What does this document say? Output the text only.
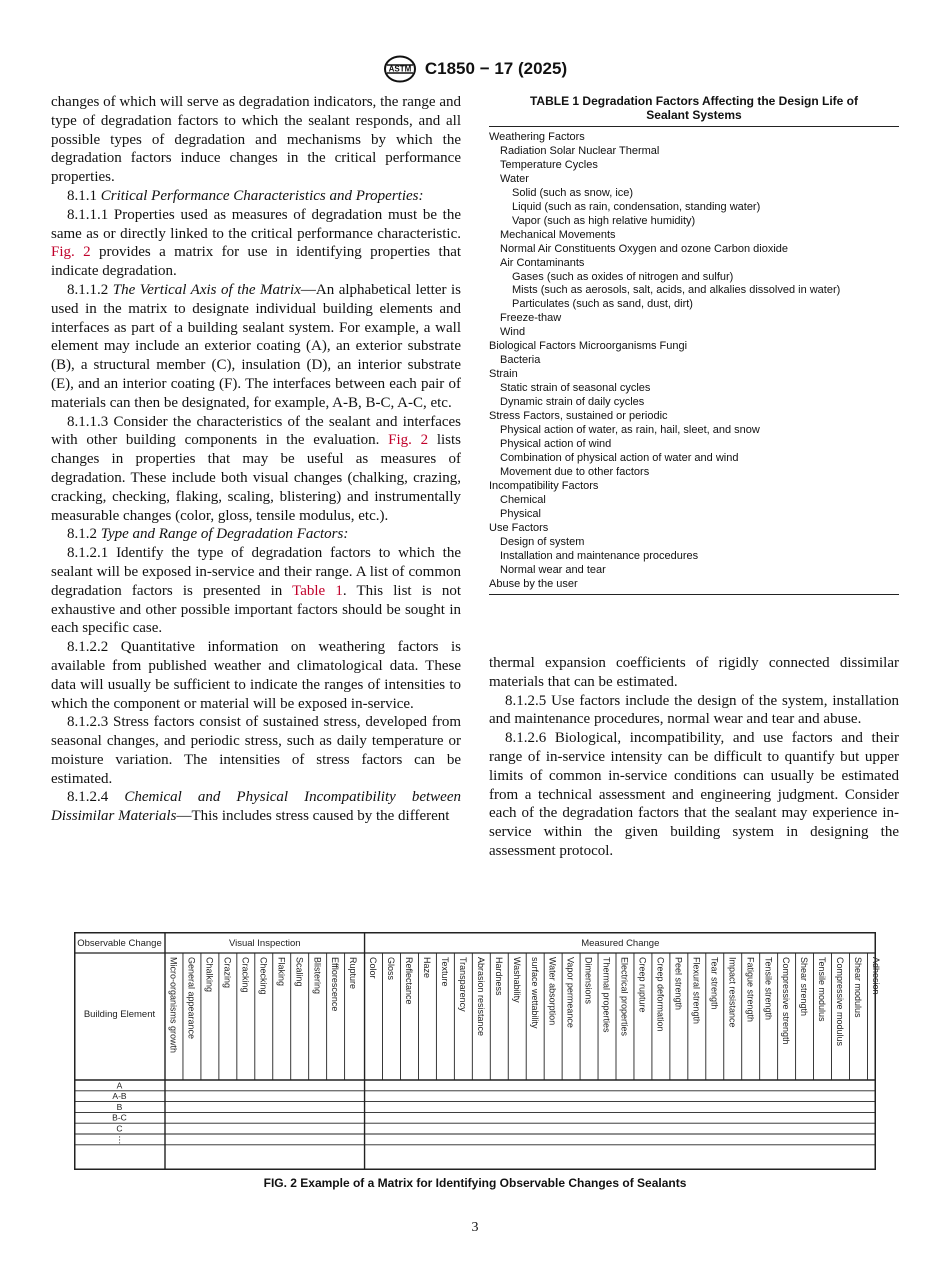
ASTM C1850 − 17 (2025)

changes of which will serve as degradation indicators, the range and type of degradation factors to which the sealant responds, and all possible types of degradation and mechanisms by which the degradation factors induce changes in the critical performance properties.

8.1.1 Critical Performance Characteristics and Properties:

8.1.1.1 Properties used as measures of degradation must be the same as or directly linked to the critical performance characteristic. Fig. 2 provides a matrix for use in identifying properties that indicate degradation.

8.1.1.2 The Vertical Axis of the Matrix—An alphabetical letter is used in the matrix to designate individual building elements and interfaces as part of a building sealant system. For example, a wall element may include an exterior coating (A), an exterior substrate (B), a structural member (C), insulation (D), an interior substrate (E), and an interior coating (F). The interfaces between each pair of materials can then be designated, for example, A-B, B-C, A-C, etc.

8.1.1.3 Consider the characteristics of the sealant and interfaces with other building components in the evaluation. Fig. 2 lists changes in properties that may be useful as measures of degradation. These include both visual changes (chalking, crazing, cracking, checking, flaking, scaling, blistering) and instrumentally measurable changes (color, gloss, tensile modulus, etc.).

8.1.2 Type and Range of Degradation Factors:

8.1.2.1 Identify the type of degradation factors to which the sealant will be exposed in-service and their range. A list of common degradation factors is presented in Table 1. This list is not exhaustive and other possible important factors should be sought in each specific case.

8.1.2.2 Quantitative information on weathering factors is available from published weather and climatological data. These data will usually be sufficient to indicate the ranges of intensities to which the component or material will be exposed in-service.

8.1.2.3 Stress factors consist of sustained stress, developed from seasonal changes, and periodic stress, such as daily temperature or moisture variation. The intensities of stress factors can be estimated.

8.1.2.4 Chemical and Physical Incompatibility between Dissimilar Materials—This includes stress caused by the different

TABLE 1 Degradation Factors Affecting the Design Life of Sealant Systems
Weathering Factors
Radiation Solar Nuclear Thermal
Temperature Cycles
Water
Solid (such as snow, ice)
Liquid (such as rain, condensation, standing water)
Vapor (such as high relative humidity)
Mechanical Movements
Normal Air Constituents Oxygen and ozone Carbon dioxide
Air Contaminants
Gases (such as oxides of nitrogen and sulfur)
Mists (such as aerosols, salt, acids, and alkalies dissolved in water)
Particulates (such as sand, dust, dirt)
Freeze-thaw
Wind
Biological Factors Microorganisms Fungi
Bacteria
Strain
Static strain of seasonal cycles
Dynamic strain of daily cycles
Stress Factors, sustained or periodic
Physical action of water, as rain, hail, sleet, and snow
Physical action of wind
Combination of physical action of water and wind
Movement due to other factors
Incompatibility Factors
Chemical
Physical
Use Factors
Design of system
Installation and maintenance procedures
Normal wear and tear
Abuse by the user

thermal expansion coefficients of rigidly connected dissimilar materials that can be estimated.

8.1.2.5 Use factors include the design of the system, installation and maintenance procedures, normal wear and tear and abuse.

8.1.2.6 Biological, incompatibility, and use factors and their range of in-service intensity can be difficult to quantify but upper limits of common in-service conditions can usually be estimated from a technical assessment and engineering judgment. Consider each of the degradation factors that the sealant may experience in-service within the given building system in designing the assessment protocol.

Observable Change
Building Element
Visual Inspection	Measured Change
Micro-organisms growth General appearance Chalking Crazing Cracking Checking Flaking Scaling Blistering Efflorescence Rupture Color Gloss Reflectance Haze Texture Transparency Abrasion resistance Hardness Washability surface wettability Water absorption Vapor permeance Dimensions Thermal properties Electrical properties Creep rupture Creep deformation Peel strength Flexural strength Tear strength Impact resistance Fatigue strength Tensile strength Compressive strength Shear strength Tensile modulus Compressive modulus Shear modulus Adhesion
A
A-B
B
B-C
C
⋮
FIG. 2 Example of a Matrix for Identifying Observable Changes of Sealants
3
